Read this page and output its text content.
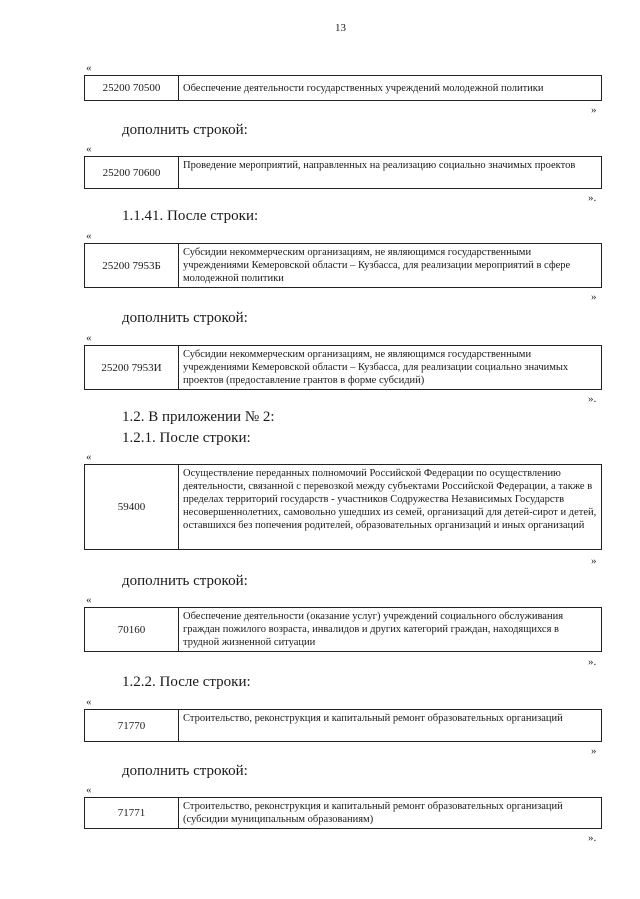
13
«
25200 70500	Обеспечение деятельности государственных учреждений молодежной политики
»
дополнить строкой:
«
25200 70600
Проведение мероприятий, направленных на реализацию социально значимых проектов
».
1.1.41. После строки:
«
25200 7953Б
Субсидии некоммерческим организациям, не являющимся государственными учреждениями Кемеровской области – Кузбасса, для реализации мероприятий в сфере молодежной политики
»
дополнить строкой:
«
25200 7953И
Субсидии некоммерческим организациям, не являющимся государственными учреждениями Кемеровской области – Кузбасса, для реализации социально значимых проектов (предоставление грантов в форме субсидий)
».
1.2. В приложении № 2:
1.2.1. После строки:
«
59400
Осуществление переданных полномочий Российской Федерации по осуществлению деятельности, связанной с перевозкой между субъектами Российской Федерации, а также в пределах территорий государств - участников Содружества Независимых Государств несовершеннолетних, самовольно ушедших из семей, организаций для детей-сирот и детей, оставшихся без попечения родителей, образовательных организаций и иных организаций
»
дополнить строкой:
«
70160
Обеспечение деятельности (оказание услуг) учреждений социального обслуживания граждан пожилого возраста, инвалидов и других категорий граждан, находящихся в трудной жизненной ситуации
».
1.2.2. После строки:
«
71770
Строительство, реконструкция и капитальный ремонт образовательных организаций
»
дополнить строкой:
«
71771
Строительство, реконструкция и капитальный ремонт образовательных организаций (субсидии муниципальным образованиям)
».
